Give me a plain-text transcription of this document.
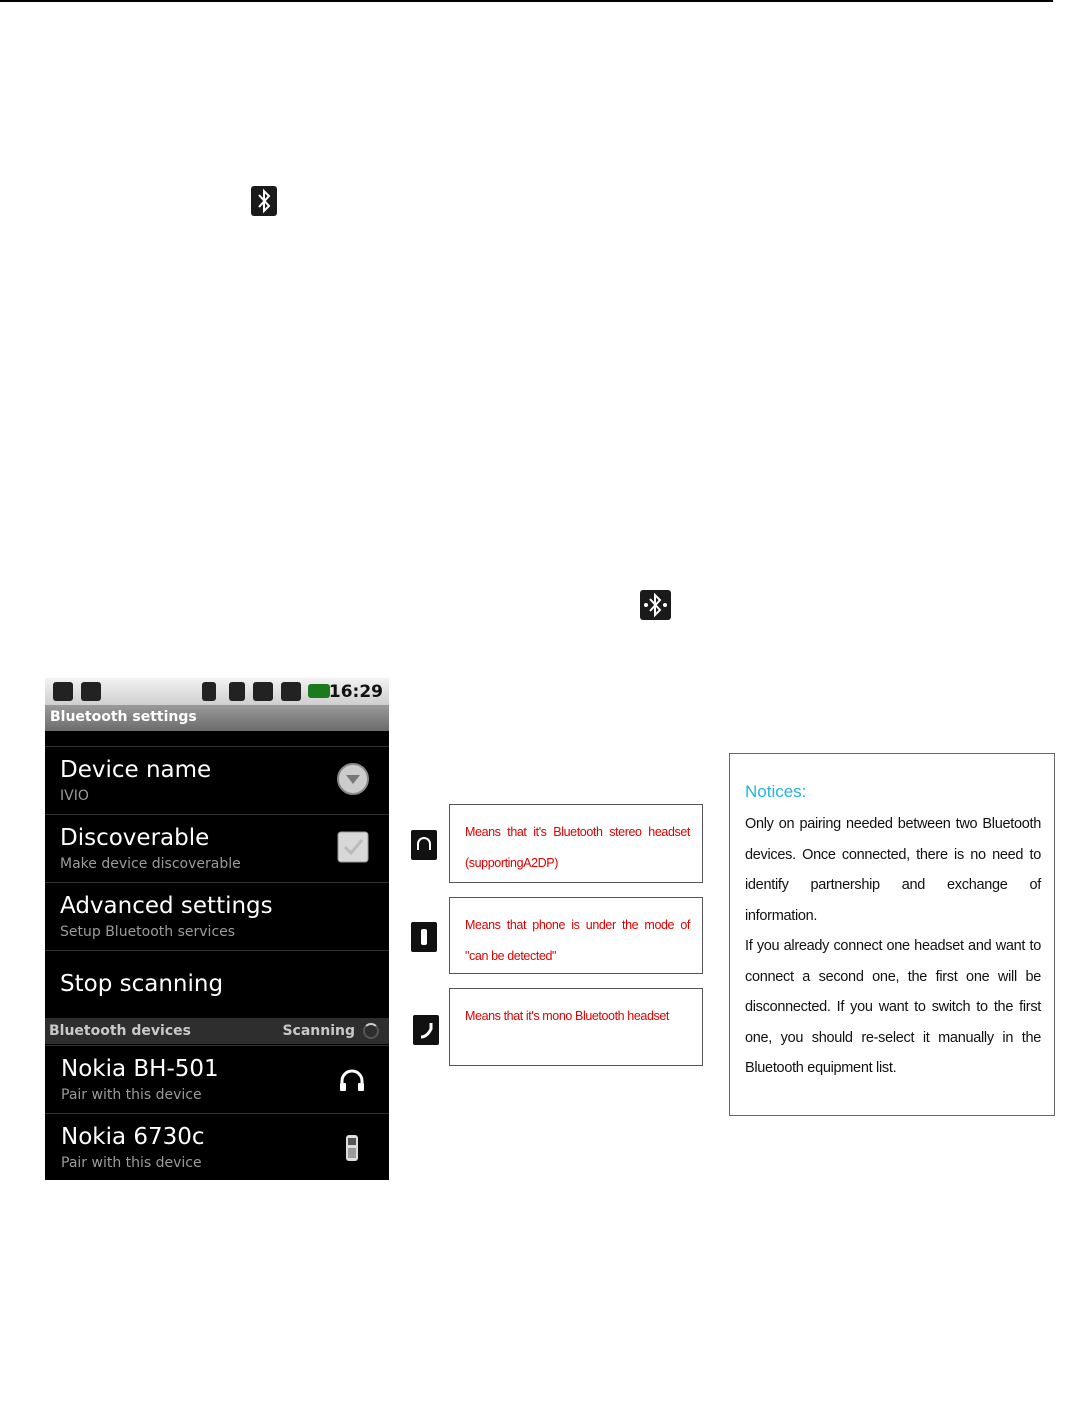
16:29
Bluetooth settings
Device name
IVIO
Discoverable
Make device discoverable
Advanced settings
Setup Bluetooth services
Stop scanning
Bluetooth devices	Scanning
Nokia BH-501
Pair with this device
Nokia 6730c
Pair with this device
Means that it's Bluetooth stereo headset (supportingA2DP)
Means that phone is under the mode of "can be detected"
Means that it's mono Bluetooth headset
Notices:

Only on pairing needed between two Bluetooth devices. Once connected, there is no need to identify partnership and exchange of information.

If you already connect one headset and want to connect a second one, the first one will be disconnected. If you want to switch to the first one, you should re-select it manually in the Bluetooth equipment list.
